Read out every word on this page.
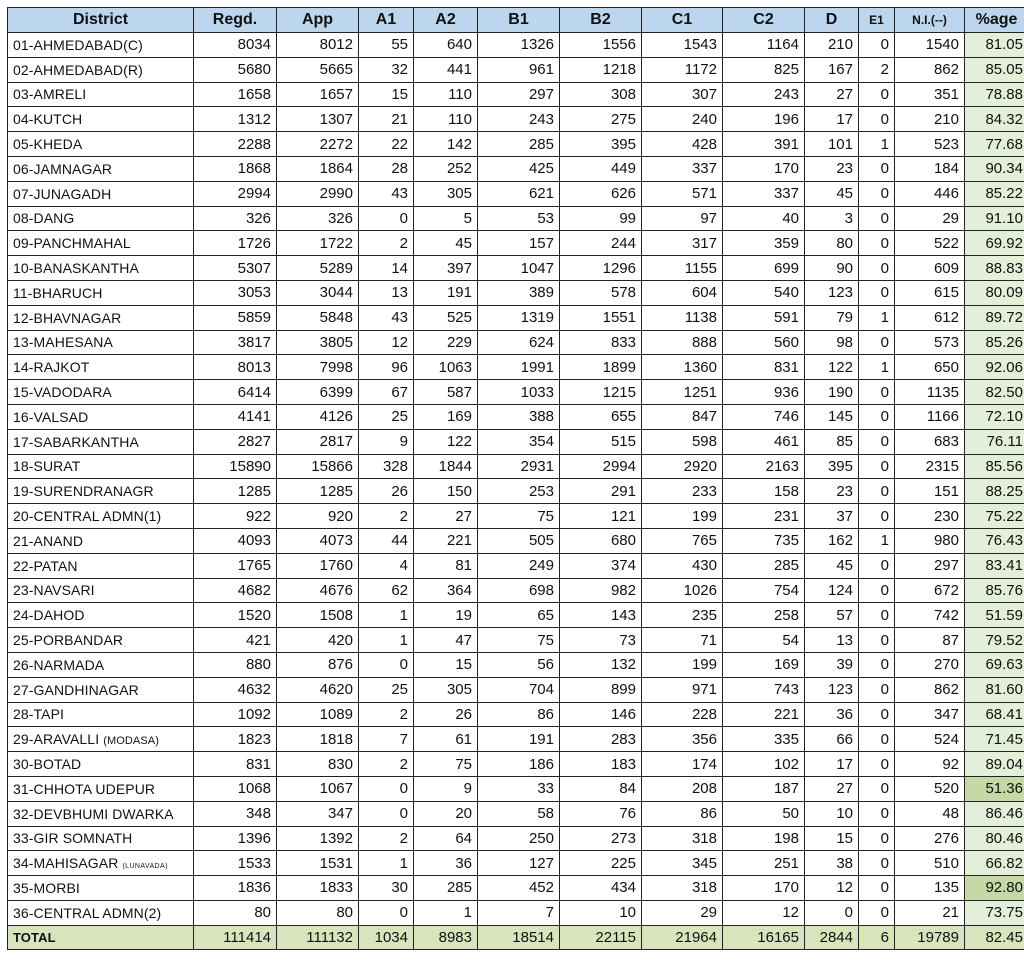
District	Regd.	App	A1	A2	B1	B2	C1	C2	D	E1	N.I.(--)	%age
01-AHMEDABAD(C)	8034	8012	55	640	1326	1556	1543	1164	210	0	1540	81.05
02-AHMEDABAD(R)	5680	5665	32	441	961	1218	1172	825	167	2	862	85.05
03-AMRELI	1658	1657	15	110	297	308	307	243	27	0	351	78.88
04-KUTCH	1312	1307	21	110	243	275	240	196	17	0	210	84.32
05-KHEDA	2288	2272	22	142	285	395	428	391	101	1	523	77.68
06-JAMNAGAR	1868	1864	28	252	425	449	337	170	23	0	184	90.34
07-JUNAGADH	2994	2990	43	305	621	626	571	337	45	0	446	85.22
08-DANG	326	326	0	5	53	99	97	40	3	0	29	91.10
09-PANCHMAHAL	1726	1722	2	45	157	244	317	359	80	0	522	69.92
10-BANASKANTHA	5307	5289	14	397	1047	1296	1155	699	90	0	609	88.83
11-BHARUCH	3053	3044	13	191	389	578	604	540	123	0	615	80.09
12-BHAVNAGAR	5859	5848	43	525	1319	1551	1138	591	79	1	612	89.72
13-MAHESANA	3817	3805	12	229	624	833	888	560	98	0	573	85.26
14-RAJKOT	8013	7998	96	1063	1991	1899	1360	831	122	1	650	92.06
15-VADODARA	6414	6399	67	587	1033	1215	1251	936	190	0	1135	82.50
16-VALSAD	4141	4126	25	169	388	655	847	746	145	0	1166	72.10
17-SABARKANTHA	2827	2817	9	122	354	515	598	461	85	0	683	76.11
18-SURAT	15890	15866	328	1844	2931	2994	2920	2163	395	0	2315	85.56
19-SURENDRANAGR	1285	1285	26	150	253	291	233	158	23	0	151	88.25
20-CENTRAL ADMN(1)	922	920	2	27	75	121	199	231	37	0	230	75.22
21-ANAND	4093	4073	44	221	505	680	765	735	162	1	980	76.43
22-PATAN	1765	1760	4	81	249	374	430	285	45	0	297	83.41
23-NAVSARI	4682	4676	62	364	698	982	1026	754	124	0	672	85.76
24-DAHOD	1520	1508	1	19	65	143	235	258	57	0	742	51.59
25-PORBANDAR	421	420	1	47	75	73	71	54	13	0	87	79.52
26-NARMADA	880	876	0	15	56	132	199	169	39	0	270	69.63
27-GANDHINAGAR	4632	4620	25	305	704	899	971	743	123	0	862	81.60
28-TAPI	1092	1089	2	26	86	146	228	221	36	0	347	68.41
29-ARAVALLI (MODASA)	1823	1818	7	61	191	283	356	335	66	0	524	71.45
30-BOTAD	831	830	2	75	186	183	174	102	17	0	92	89.04
31-CHHOTA UDEPUR	1068	1067	0	9	33	84	208	187	27	0	520	51.36
32-DEVBHUMI DWARKA	348	347	0	20	58	76	86	50	10	0	48	86.46
33-GIR SOMNATH	1396	1392	2	64	250	273	318	198	15	0	276	80.46
34-MAHISAGAR (LUNAVADA)	1533	1531	1	36	127	225	345	251	38	0	510	66.82
35-MORBI	1836	1833	30	285	452	434	318	170	12	0	135	92.80
36-CENTRAL ADMN(2)	80	80	0	1	7	10	29	12	0	0	21	73.75
TOTAL	111414	111132	1034	8983	18514	22115	21964	16165	2844	6	19789	82.45
